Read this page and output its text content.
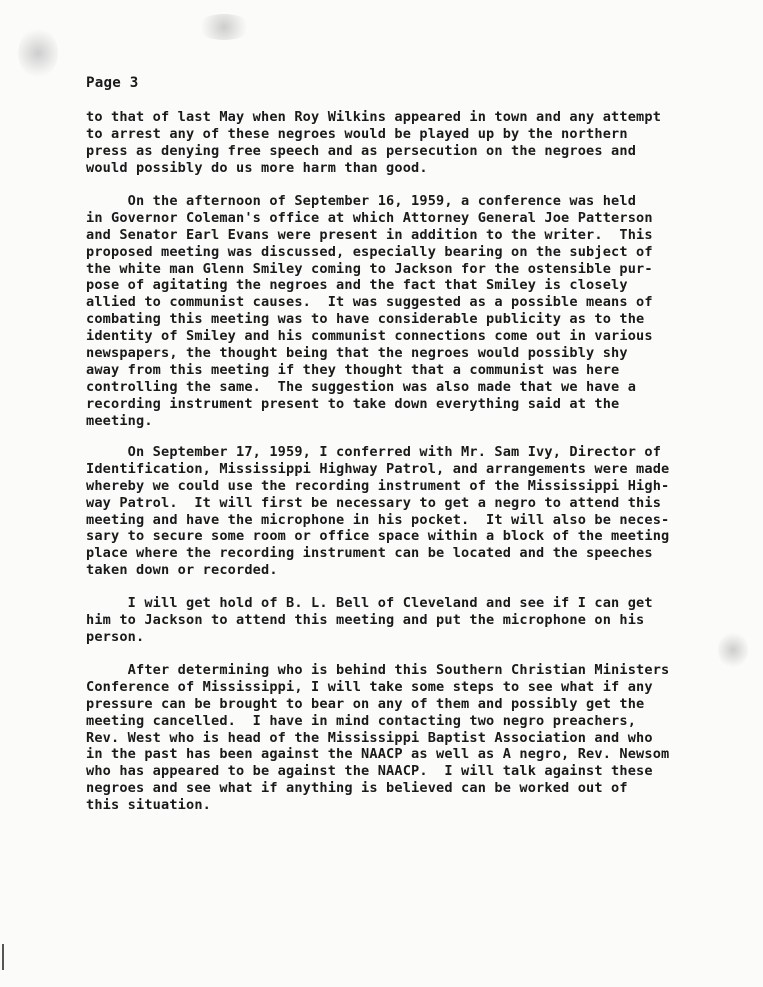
Page 3
to that of last May when Roy Wilkins appeared in town and any attempt
to arrest any of these negroes would be played up by the northern
press as denying free speech and as persecution on the negroes and
would possibly do us more harm than good.
On the afternoon of September 16, 1959, a conference was held
in Governor Coleman's office at which Attorney General Joe Patterson
and Senator Earl Evans were present in addition to the writer.  This
proposed meeting was discussed, especially bearing on the subject of
the white man Glenn Smiley coming to Jackson for the ostensible pur-
pose of agitating the negroes and the fact that Smiley is closely
allied to communist causes.  It was suggested as a possible means of
combating this meeting was to have considerable publicity as to the
identity of Smiley and his communist connections come out in various
newspapers, the thought being that the negroes would possibly shy
away from this meeting if they thought that a communist was here
controlling the same.  The suggestion was also made that we have a
recording instrument present to take down everything said at the
meeting.
On September 17, 1959, I conferred with Mr. Sam Ivy, Director of
Identification, Mississippi Highway Patrol, and arrangements were made
whereby we could use the recording instrument of the Mississippi High-
way Patrol.  It will first be necessary to get a negro to attend this
meeting and have the microphone in his pocket.  It will also be neces-
sary to secure some room or office space within a block of the meeting
place where the recording instrument can be located and the speeches
taken down or recorded.
I will get hold of B. L. Bell of Cleveland and see if I can get
him to Jackson to attend this meeting and put the microphone on his
person.
After determining who is behind this Southern Christian Ministers
Conference of Mississippi, I will take some steps to see what if any
pressure can be brought to bear on any of them and possibly get the
meeting cancelled.  I have in mind contacting two negro preachers,
Rev. West who is head of the Mississippi Baptist Association and who
in the past has been against the NAACP as well as A negro, Rev. Newsom
who has appeared to be against the NAACP.  I will talk against these
negroes and see what if anything is believed can be worked out of
this situation.
